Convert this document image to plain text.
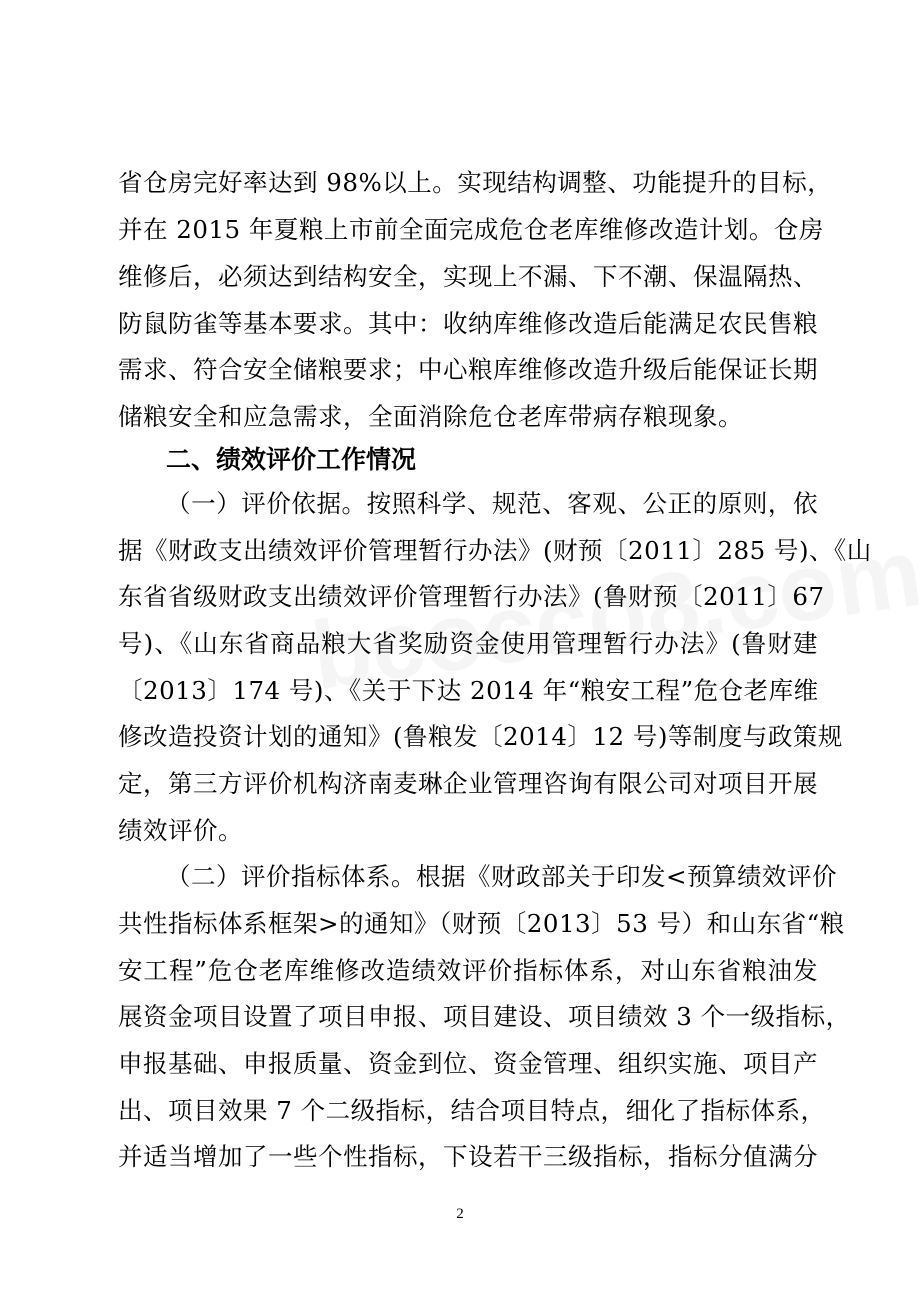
省仓房完好率达到 98%以上。实现结构调整、功能提升的目标，
并在 2015 年夏粮上市前全面完成危仓老库维修改造计划。仓房
维修后，必须达到结构安全，实现上不漏、下不潮、保温隔热、
防鼠防雀等基本要求。其中：收纳库维修改造后能满足农民售粮
需求、符合安全储粮要求；中心粮库维修改造升级后能保证长期
储粮安全和应急需求，全面消除危仓老库带病存粮现象。
二、绩效评价工作情况
（一）评价依据。按照科学、规范、客观、公正的原则，依
据《财政支出绩效评价管理暂行办法》(财预〔2011〕285 号)、《山
东省省级财政支出绩效评价管理暂行办法》(鲁财预〔2011〕67
号)、《山东省商品粮大省奖励资金使用管理暂行办法》(鲁财建
〔2013〕174 号)、《关于下达 2014 年“粮安工程”危仓老库维
修改造投资计划的通知》(鲁粮发〔2014〕12 号)等制度与政策规
定，第三方评价机构济南麦琳企业管理咨询有限公司对项目开展
绩效评价。
（二）评价指标体系。根据《财政部关于印发<预算绩效评价
共性指标体系框架>的通知》（财预〔2013〕53 号）和山东省“粮
安工程”危仓老库维修改造绩效评价指标体系，对山东省粮油发
展资金项目设置了项目申报、项目建设、项目绩效 3 个一级指标，
申报基础、申报质量、资金到位、资金管理、组织实施、项目产
出、项目效果 7 个二级指标，结合项目特点，细化了指标体系，
并适当增加了一些个性指标，下设若干三级指标，指标分值满分
2
